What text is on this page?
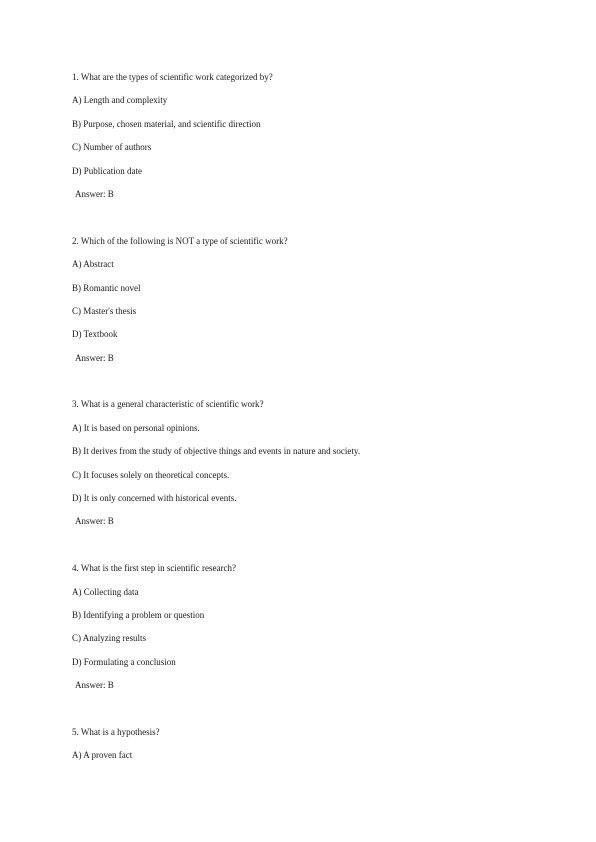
1. What are the types of scientific work categorized by?
A) Length and complexity
B) Purpose, chosen material, and scientific direction
C) Number of authors
D) Publication date
Answer: B
2. Which of the following is NOT a type of scientific work?
A) Abstract
B) Romantic novel
C) Master's thesis
D) Textbook
Answer: B
3. What is a general characteristic of scientific work?
A) It is based on personal opinions.
B) It derives from the study of objective things and events in nature and society.
C) It focuses solely on theoretical concepts.
D) It is only concerned with historical events.
Answer: B
4. What is the first step in scientific research?
A) Collecting data
B) Identifying a problem or question
C) Analyzing results
D) Formulating a conclusion
Answer: B
5. What is a hypothesis?
A) A proven fact
